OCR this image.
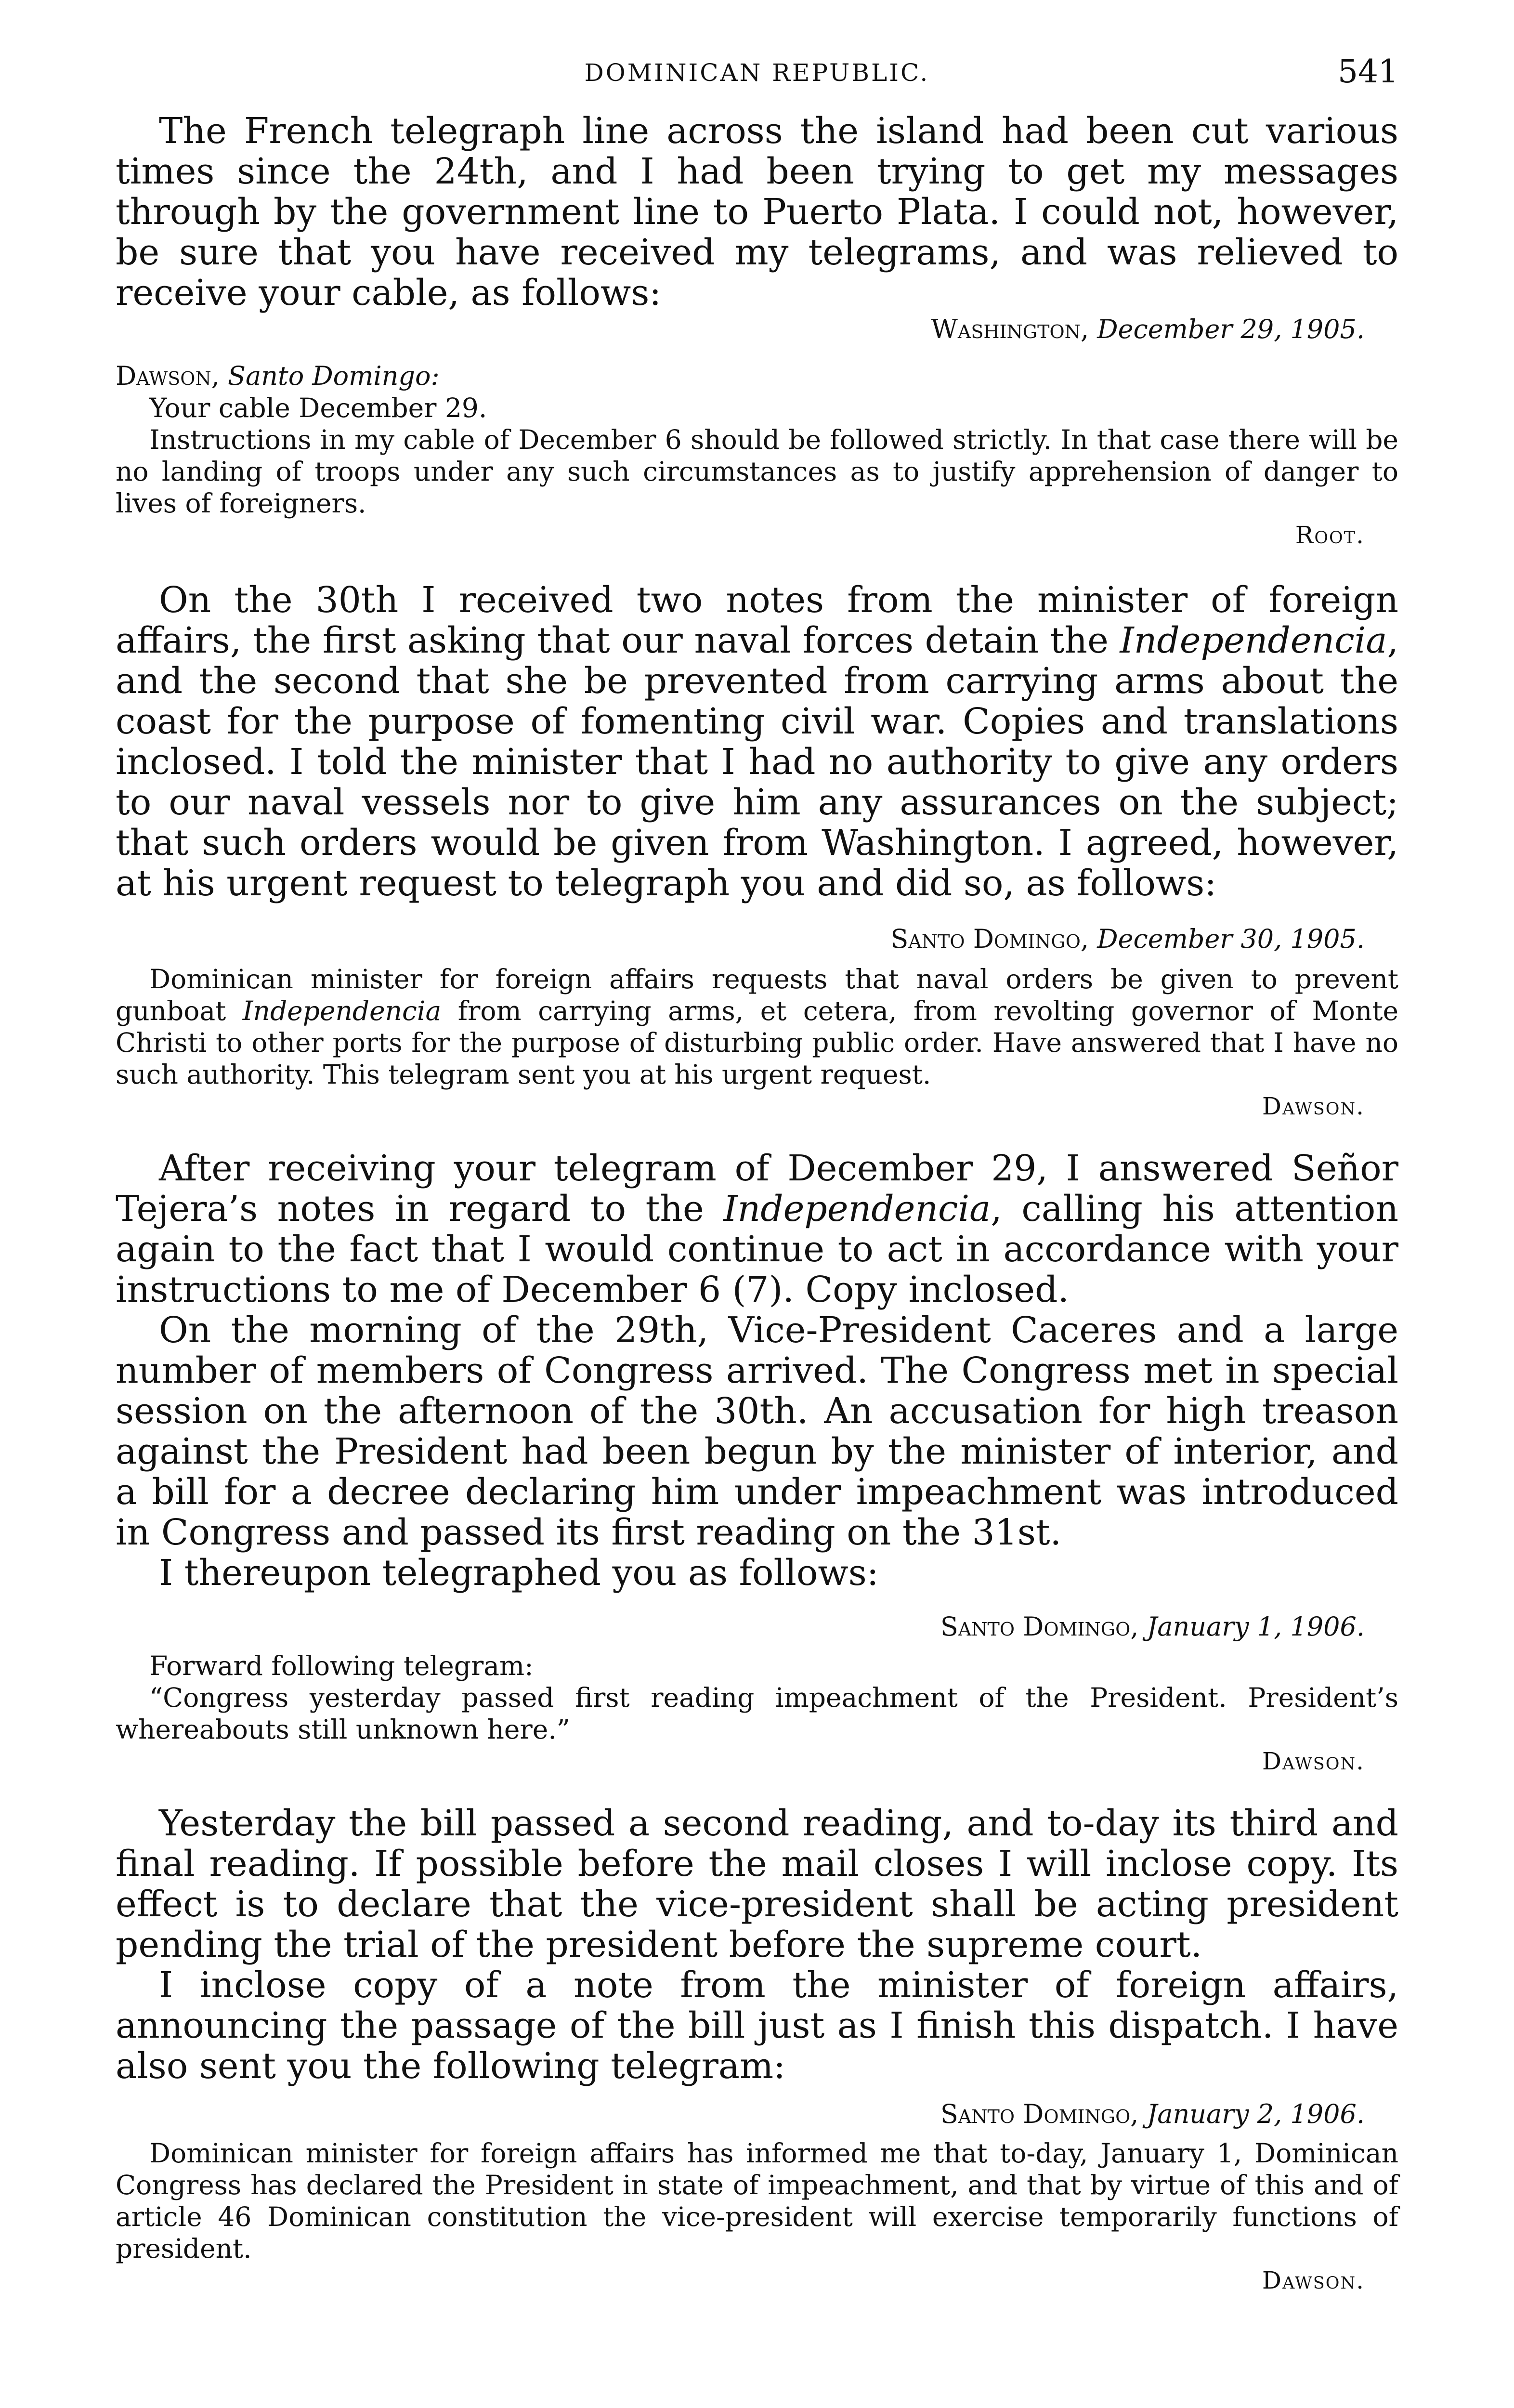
DOMINICAN REPUBLIC.	541

The French telegraph line across the island had been cut various times since the 24th, and I had been trying to get my messages through by the government line to Puerto Plata. I could not, however, be sure that you have received my telegrams, and was relieved to receive your cable, as follows:

Washington, December 29, 1905.

Dawson, Santo Domingo:

Your cable December 29.

Instructions in my cable of December 6 should be followed strictly. In that case there will be no landing of troops under any such circumstances as to justify apprehension of danger to lives of foreigners.

Root.

On the 30th I received two notes from the minister of foreign affairs, the first asking that our naval forces detain the Independencia, and the second that she be prevented from carrying arms about the coast for the purpose of fomenting civil war. Copies and translations inclosed. I told the minister that I had no authority to give any orders to our naval vessels nor to give him any assurances on the subject; that such orders would be given from Washington. I agreed, however, at his urgent request to telegraph you and did so, as follows:

Santo Domingo, December 30, 1905.

Dominican minister for foreign affairs requests that naval orders be given to prevent gunboat Independencia from carrying arms, et cetera, from revolting governor of Monte Christi to other ports for the purpose of disturbing public order. Have answered that I have no such authority. This telegram sent you at his urgent request.

Dawson.

After receiving your telegram of December 29, I answered Señor Tejera’s notes in regard to the Independencia, calling his attention again to the fact that I would continue to act in accordance with your instructions to me of December 6 (7). Copy inclosed.

On the morning of the 29th, Vice-President Caceres and a large number of members of Congress arrived. The Congress met in special session on the afternoon of the 30th. An accusation for high treason against the President had been begun by the minister of interior, and a bill for a decree declaring him under impeachment was introduced in Congress and passed its first reading on the 31st.

I thereupon telegraphed you as follows:

Santo Domingo, January 1, 1906.

Forward following telegram:

“Congress yesterday passed first reading impeachment of the President. President’s whereabouts still unknown here.”

Dawson.

Yesterday the bill passed a second reading, and to-day its third and final reading. If possible before the mail closes I will inclose copy. Its effect is to declare that the vice-president shall be acting president pending the trial of the president before the supreme court.

I inclose copy of a note from the minister of foreign affairs, announcing the passage of the bill just as I finish this dispatch. I have also sent you the following telegram:

Santo Domingo, January 2, 1906.

Dominican minister for foreign affairs has informed me that to-day, January 1, Dominican Congress has declared the President in state of impeachment, and that by virtue of this and of article 46 Dominican constitution the vice-president will exercise temporarily functions of president.

Dawson.
